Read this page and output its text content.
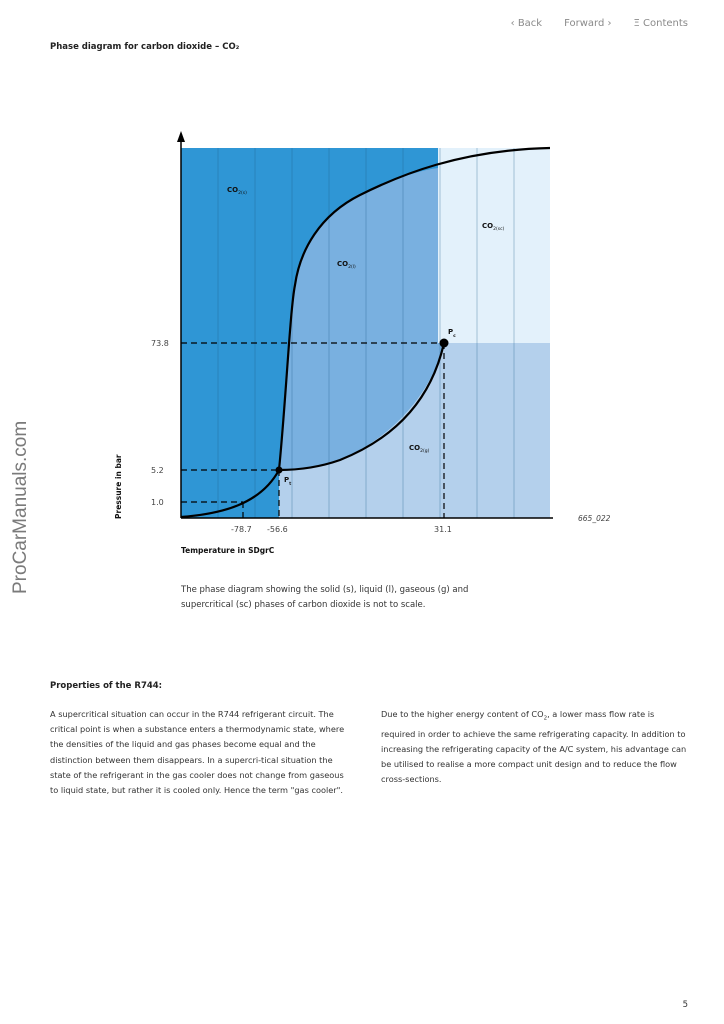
‹ Back Forward › Ξ Contents
ProCarManuals.com
Phase diagram for carbon dioxide – CO₂
$CO_2(s)$
$CO_2(sc)$
$CO_2(l)$
$CO_2(g)$
$P_c$
$P_t$
73.8
5.2
1.0
-78.7 -56.6	31.1
665_022
Pressure in bar
Temperature in SDgrC
The phase diagram showing the solid (s), liquid (l), gaseous (g) and supercritical (sc) phases of carbon dioxide is not to scale.
Properties of the R744:
A supercritical situation can occur in the R744 refrigerant circuit. The critical point is when a substance enters a thermodynamic state, where the densities of the liquid and gas phases become equal and the distinction between them disappears. In a supercri-tical situation the state of the refrigerant in the gas cooler does not change from gaseous to liquid state, but rather it is cooled only. Hence the term "gas cooler".
Due to the higher energy content of $CO_2$, a lower mass flow rate is required in order to achieve the same refrigerating capacity. In addition to increasing the refrigerating capacity of the A/C system, his advantage can be utilised to realise a more compact unit design and to reduce the flow cross-sections.
5
